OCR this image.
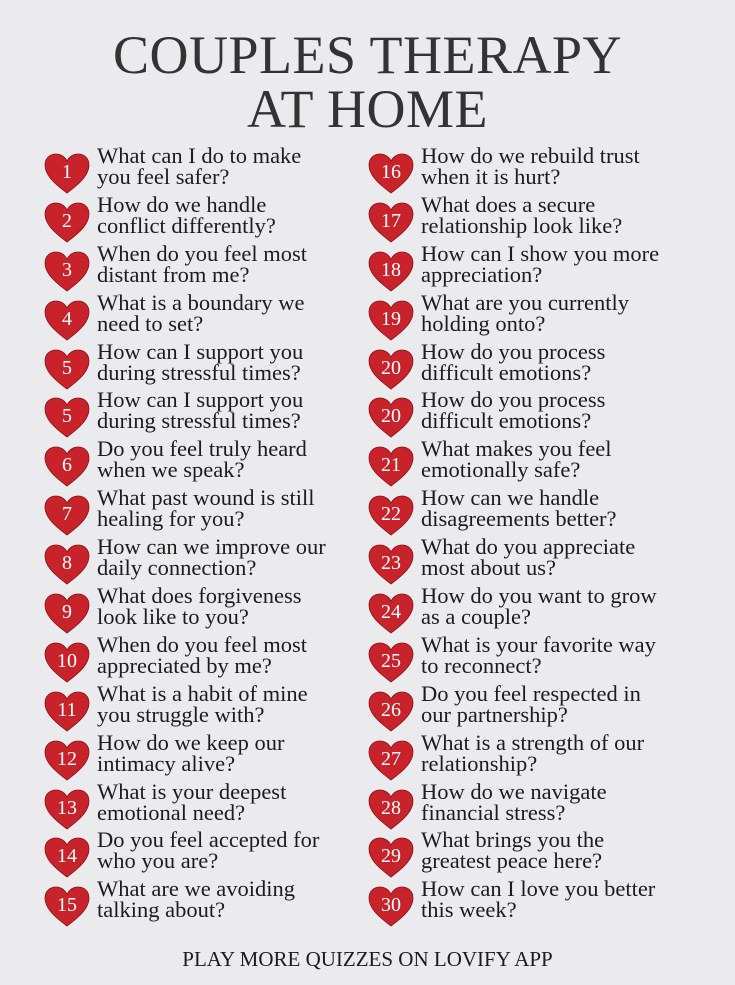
COUPLES THERAPY
AT HOME
1
What can I do to make
you feel safer?
2
How do we handle
conflict differently?
3
When do you feel most
distant from me?
4
What is a boundary we
need to set?
5
How can I support you
during stressful times?
5
How can I support you
during stressful times?
6
Do you feel truly heard
when we speak?
7
What past wound is still
healing for you?
8
How can we improve our
daily connection?
9
What does forgiveness
look like to you?
10
When do you feel most
appreciated by me?
11
What is a habit of mine
you struggle with?
12
How do we keep our
intimacy alive?
13
What is your deepest
emotional need?
14
Do you feel accepted for
who you are?
15
What are we avoiding
talking about?
16
How do we rebuild trust
when it is hurt?
17
What does a secure
relationship look like?
18
How can I show you more
appreciation?
19
What are you currently
holding onto?
20
How do you process
difficult emotions?
20
How do you process
difficult emotions?
21
What makes you feel
emotionally safe?
22
How can we handle
disagreements better?
23
What do you appreciate
most about us?
24
How do you want to grow
as a couple?
25
What is your favorite way
to reconnect?
26
Do you feel respected in
our partnership?
27
What is a strength of our
relationship?
28
How do we navigate
financial stress?
29
What brings you the
greatest peace here?
30
How can I love you better
this week?
PLAY MORE QUIZZES ON LOVIFY APP
